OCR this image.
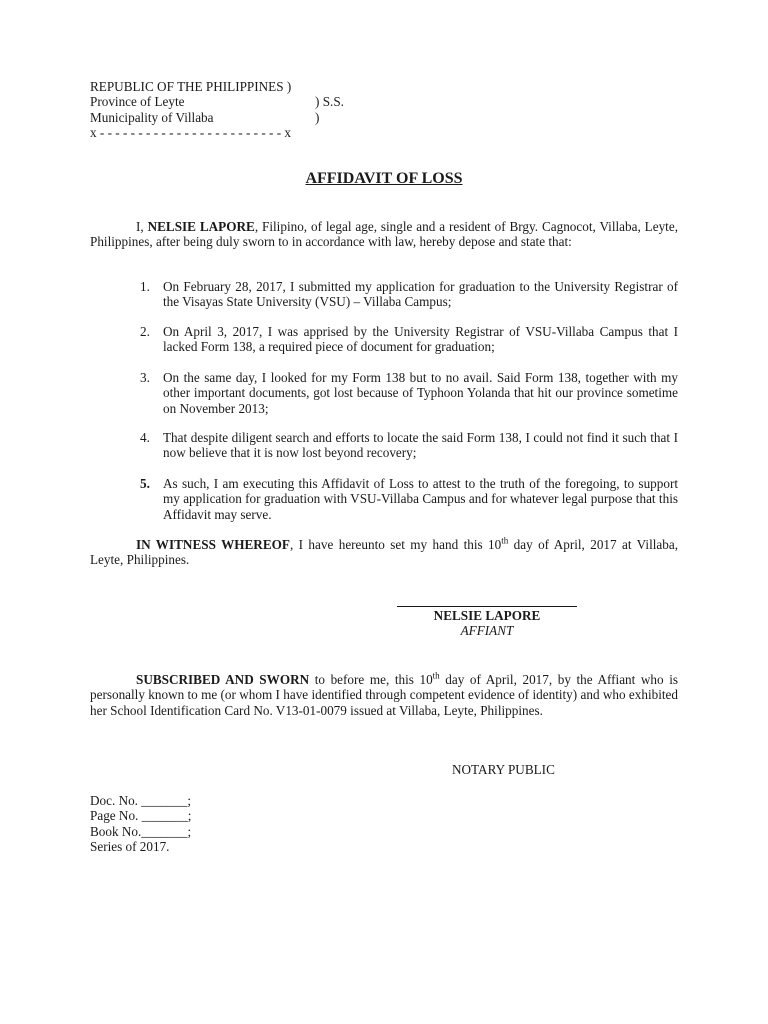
REPUBLIC OF THE PHILIPPINES )
Province of Leyte	) S.S.
Municipality of Villaba	)
x - - - - - - - - - - - - - - - - - - - - - - - - x
AFFIDAVIT OF LOSS
I, NELSIE LAPORE, Filipino, of legal age, single and a resident of Brgy. Cagnocot, Villaba, Leyte, Philippines, after being duly sworn to in accordance with law, hereby depose and state that:
1. On February 28, 2017, I submitted my application for graduation to the University Registrar of the Visayas State University (VSU) – Villaba Campus;
2. On April 3, 2017, I was apprised by the University Registrar of VSU-Villaba Campus that I lacked Form 138, a required piece of document for graduation;
3. On the same day, I looked for my Form 138 but to no avail. Said Form 138, together with my other important documents, got lost because of Typhoon Yolanda that hit our province sometime on November 2013;
4. That despite diligent search and efforts to locate the said Form 138, I could not find it such that I now believe that it is now lost beyond recovery;
5. As such, I am executing this Affidavit of Loss to attest to the truth of the foregoing, to support my application for graduation with VSU-Villaba Campus and for whatever legal purpose that this Affidavit may serve.
IN WITNESS WHEREOF, I have hereunto set my hand this 10th day of April, 2017 at Villaba, Leyte, Philippines.
NELSIE LAPORE
AFFIANT
SUBSCRIBED AND SWORN to before me, this 10th day of April, 2017, by the Affiant who is personally known to me (or whom I have identified through competent evidence of identity) and who exhibited her School Identification Card No. V13-01-0079 issued at Villaba, Leyte, Philippines.
NOTARY PUBLIC
Doc. No. _______;
Page No. _______;
Book No._______;
Series of 2017.
